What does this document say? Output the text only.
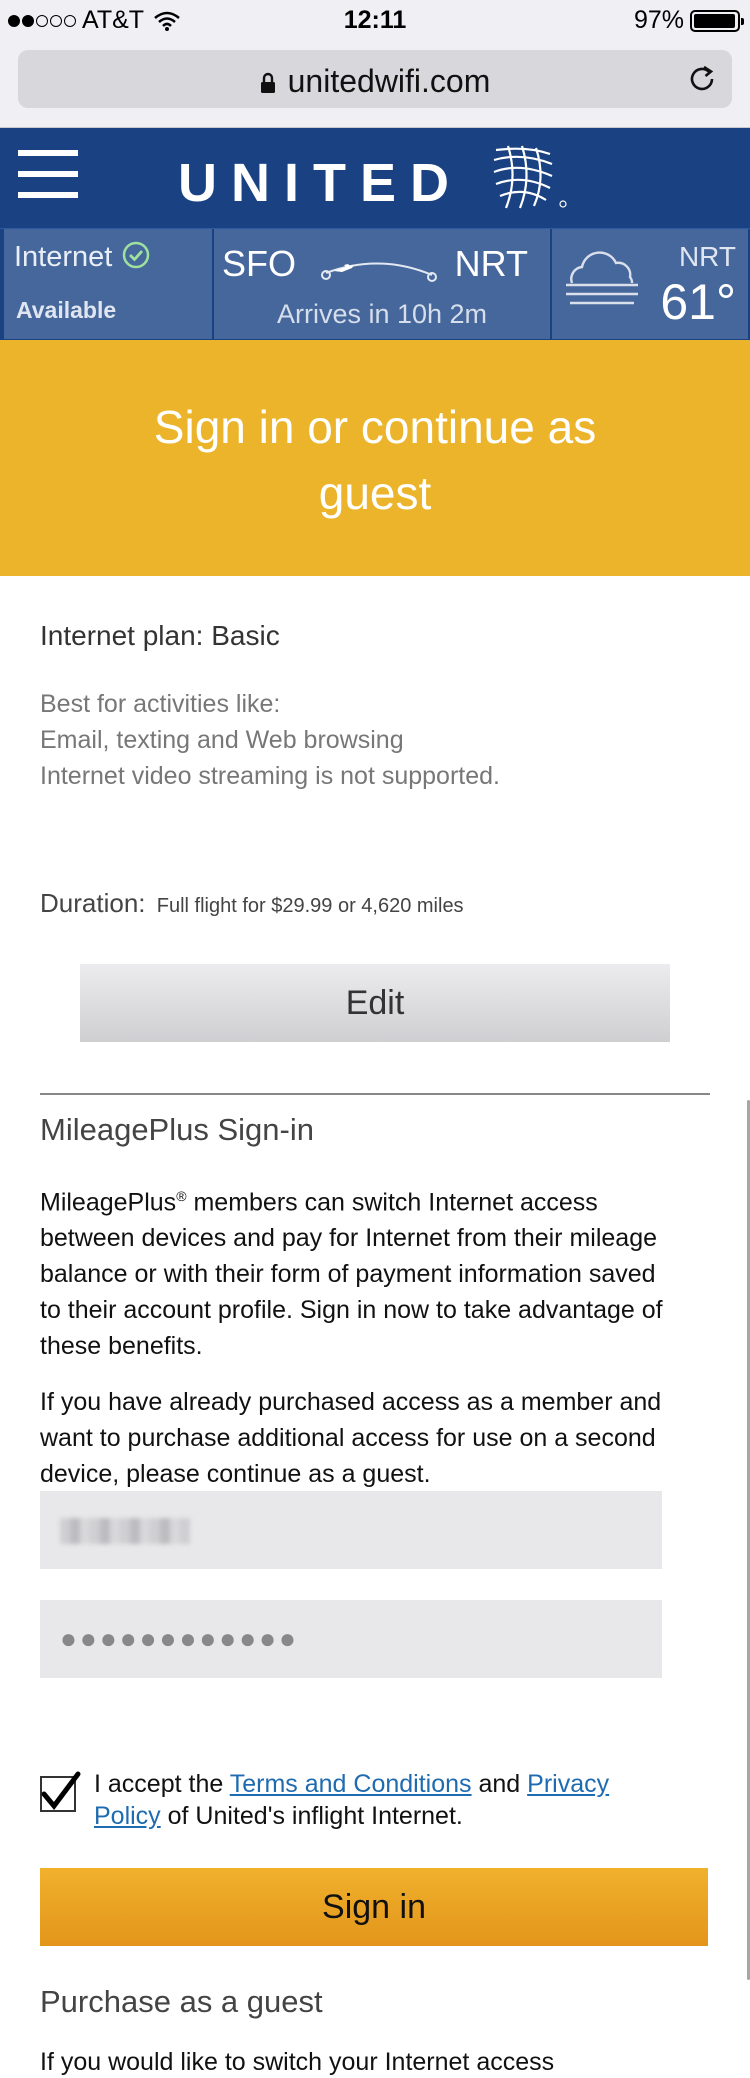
AT&T	12:11	97%
unitedwifi.com
UNITED
Internet
Available
SFO	NRT
Arrives in 10h 2m
NRT
61°
Sign in or continue as guest
Internet plan: Basic
Best for activities like:
Email, texting and Web browsing
Internet video streaming is not supported.
Duration: Full flight for $29.99 or 4,620 miles
Edit
MileagePlus Sign-in
MileagePlus® members can switch Internet access between devices and pay for Internet from their mileage balance or with their form of payment information saved to their account profile. Sign in now to take advantage of these benefits.
If you have already purchased access as a member and want to purchase additional access for use on a second device, please continue as a guest.
●●●●●●●●●●●●
I accept the Terms and Conditions and Privacy Policy of United's inflight Internet.
Sign in
Purchase as a guest
If you would like to switch your Internet access
